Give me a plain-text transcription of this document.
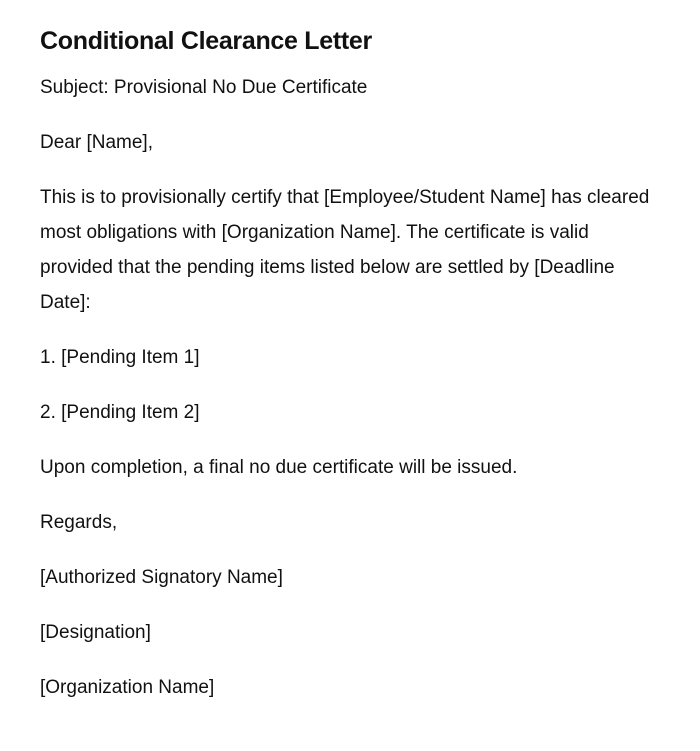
Conditional Clearance Letter

Subject: Provisional No Due Certificate

Dear [Name],

This is to provisionally certify that [Employee/Student Name] has cleared most obligations with [Organization Name]. The certificate is valid provided that the pending items listed below are settled by [Deadline Date]:

1. [Pending Item 1]

2. [Pending Item 2]

Upon completion, a final no due certificate will be issued.

Regards,

[Authorized Signatory Name]

[Designation]

[Organization Name]
